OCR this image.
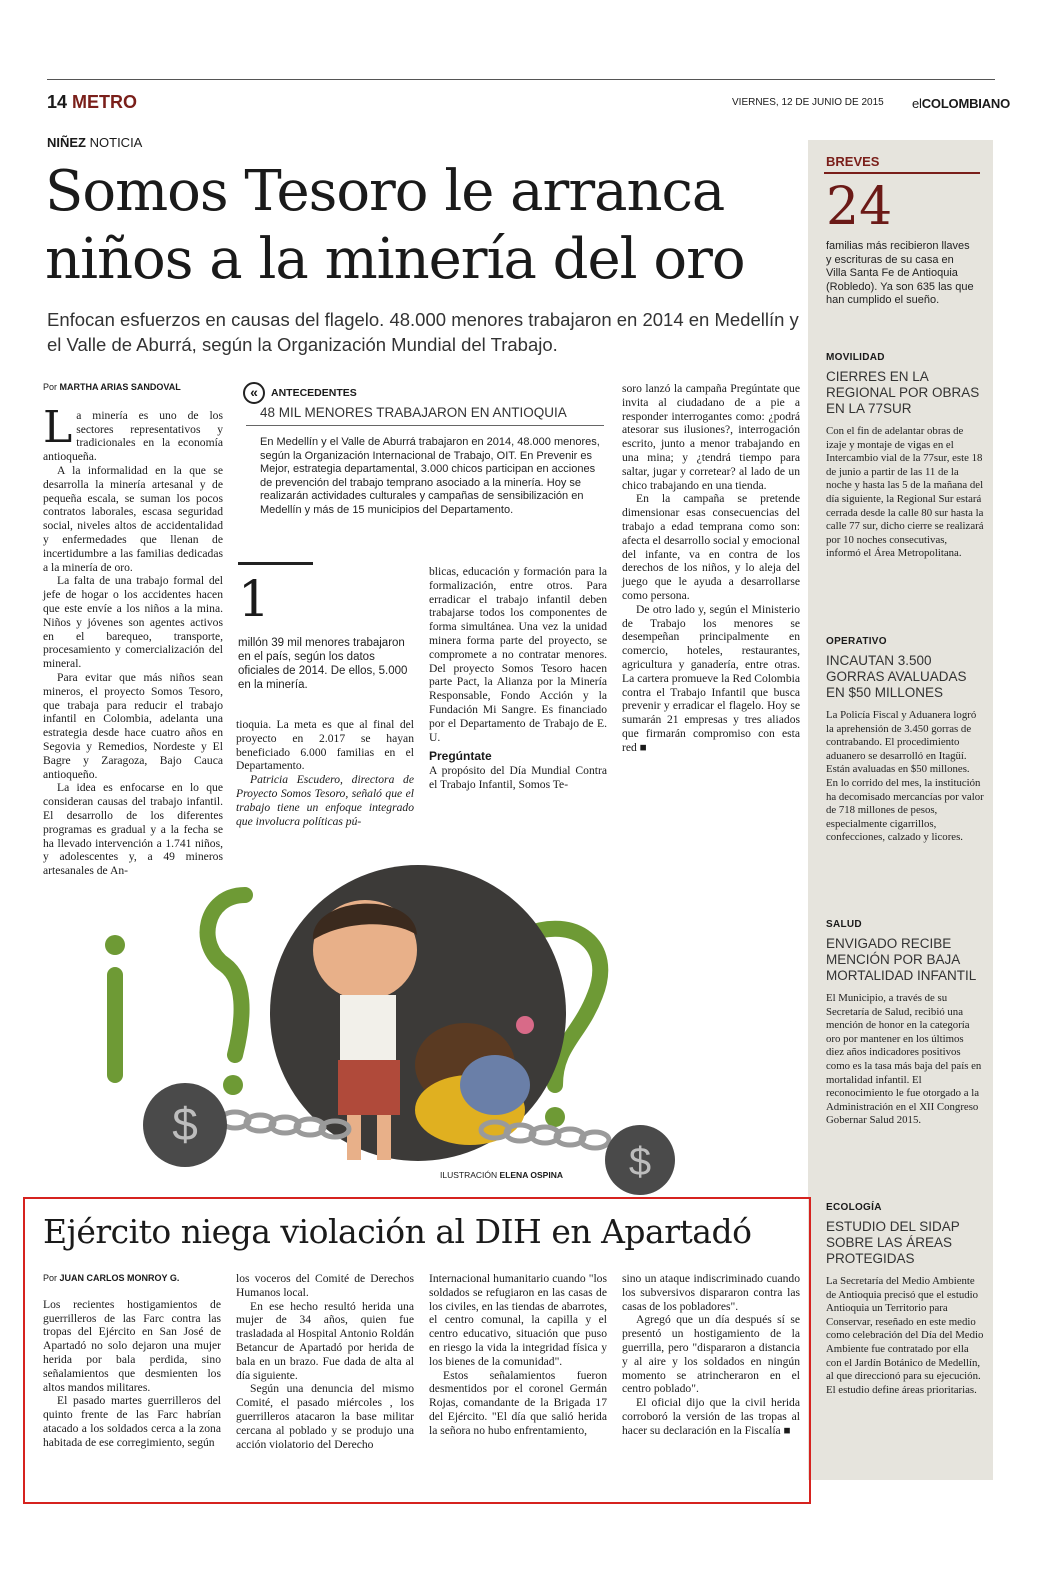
14 METRO	VIERNES, 12 DE JUNIO DE 2015 elCOLOMBIANO
NIÑEZ NOTICIA
Somos Tesoro le arranca
niños a la minería del oro
Enfocan esfuerzos en causas del flagelo. 48.000 menores trabajaron en 2014 en Medellín y el Valle de Aburrá, según la Organización Mundial del Trabajo.
Por MARTHA ARIAS SANDOVAL

La minería es uno de los sectores representativos y tradicionales en la economía antioqueña.

A la informalidad en la que se desarrolla la minería artesanal y de pequeña escala, se suman los pocos contratos laborales, escasa seguridad social, niveles altos de accidentalidad y enfermedades que llenan de incertidumbre a las familias dedicadas a la minería de oro.

La falta de una trabajo formal del jefe de hogar o los accidentes hacen que este envíe a los niños a la mina. Niños y jóvenes son agentes activos en el barequeo, transporte, procesamiento y comercialización del mineral.

Para evitar que más niños sean mineros, el proyecto Somos Tesoro, que trabaja para reducir el trabajo infantil en Colombia, adelanta una estrategia desde hace cuatro años en Segovia y Remedios, Nordeste y El Bagre y Zaragoza, Bajo Cauca antioqueño.

La idea es enfocarse en lo que consideran causas del trabajo infantil. El desarrollo de los diferentes programas es gradual y a la fecha se ha llevado intervención a 1.741 niños, y adolescentes y, a 49 mineros artesanales de An-

« ANTECEDENTES
48 MIL MENORES TRABAJARON EN ANTIOQUIA
En Medellín y el Valle de Aburrá trabajaron en 2014, 48.000 menores, según la Organización Internacional de Trabajo, OIT. En Prevenir es Mejor, estrategia departamental, 3.000 chicos participan en acciones de prevención del trabajo temprano asociado a la minería. Hoy se realizarán actividades culturales y campañas de sensibilización en Medellín y más de 15 municipios del Departamento.
1
millón 39 mil menores trabajaron en el país, según los datos oficiales de 2014. De ellos, 5.000 en la minería.

tioquia. La meta es que al final del proyecto en 2.017 se hayan beneficiado 6.000 familias en el Departamento.

Patricia Escudero, directora de Proyecto Somos Tesoro, señaló que el trabajo tiene un enfoque integrado que involucra políticas pú-

blicas, educación y formación para la formalización, entre otros. Para erradicar el trabajo infantil deben trabajarse todos los componentes de forma simultánea. Una vez la unidad minera forma parte del proyecto, se compromete a no contratar menores. Del proyecto Somos Tesoro hacen parte Pact, la Alianza por la Minería Responsable, Fondo Acción y la Fundación Mi Sangre. Es financiado por el Departamento de Trabajo de E. U.

Pregúntate

A propósito del Día Mundial Contra el Trabajo Infantil, Somos Te-

soro lanzó la campaña Pregúntate que invita al ciudadano de a pie a responder interrogantes como: ¿podrá atesorar sus ilusiones?, interrogación escrito, junto a menor trabajando en una mina; y ¿tendrá tiempo para saltar, jugar y corretear? al lado de un chico trabajando en una tienda.

En la campaña se pretende dimensionar esas consecuencias del trabajo a edad temprana como son: afecta el desarrollo social y emocional del infante, va en contra de los derechos de los niños, y lo aleja del juego que le ayuda a desarrollarse como persona.

De otro lado y, según el Ministerio de Trabajo los menores se desempeñan principalmente en comercio, hoteles, restaurantes, agricultura y ganadería, entre otras. La cartera promueve la Red Colombia contra el Trabajo Infantil que busca prevenir y erradicar el flagelo. Hoy se sumarán 21 empresas y tres aliados que firmarán compromiso con esta red ■

$
$
ILUSTRACIÓN ELENA OSPINA
BREVES
24
familias más recibieron llaves y escrituras de su casa en Villa Santa Fe de Antioquia (Robledo). Ya son 635 las que han cumplido el sueño.
MOVILIDAD
CIERRES EN LA REGIONAL POR OBRAS EN LA 77SUR
Con el fin de adelantar obras de izaje y montaje de vigas en el Intercambio vial de la 77sur, este 18 de junio a partir de las 11 de la noche y hasta las 5 de la mañana del día siguiente, la Regional Sur estará cerrada desde la calle 80 sur hasta la calle 77 sur, dicho cierre se realizará por 10 noches consecutivas, informó el Área Metropolitana.
OPERATIVO
INCAUTAN 3.500 GORRAS AVALUADAS EN $50 MILLONES
La Policía Fiscal y Aduanera logró la aprehensión de 3.450 gorras de contrabando. El procedimiento aduanero se desarrolló en Itagüí. Están avaluadas en $50 millones. En lo corrido del mes, la institución ha decomisado mercancías por valor de 718 millones de pesos, especialmente cigarrillos, confecciones, calzado y licores.
SALUD
ENVIGADO RECIBE MENCIÓN POR BAJA MORTALIDAD INFANTIL
El Municipio, a través de su Secretaría de Salud, recibió una mención de honor en la categoría oro por mantener en los últimos diez años indicadores positivos como es la tasa más baja del país en mortalidad infantil. El reconocimiento le fue otorgado a la Administración en el XII Congreso Gobernar Salud 2015.
ECOLOGÍA
ESTUDIO DEL SIDAP SOBRE LAS ÁREAS PROTEGIDAS
La Secretaría del Medio Ambiente de Antioquia precisó que el estudio Antioquia un Territorio para Conservar, reseñado en este medio como celebración del Día del Medio Ambiente fue contratado por ella con el Jardín Botánico de Medellín, al que direccionó para su ejecución. El estudio define áreas prioritarias.
Ejército niega violación al DIH en Apartadó
Por JUAN CARLOS MONROY G.

Los recientes hostigamientos de guerrilleros de las Farc contra las tropas del Ejército en San José de Apartadó no solo dejaron una mujer herida por bala perdida, sino señalamientos que desmienten los altos mandos militares.

El pasado martes guerrilleros del quinto frente de las Farc habrían atacado a los soldados cerca a la zona habitada de ese corregimiento, según

los voceros del Comité de Derechos Humanos local.

En ese hecho resultó herida una mujer de 34 años, quien fue trasladada al Hospital Antonio Roldán Betancur de Apartadó por herida de bala en un brazo. Fue dada de alta al día siguiente.

Según una denuncia del mismo Comité, el pasado miércoles , los guerrilleros atacaron la base militar cercana al poblado y se produjo una acción violatorio del Derecho

Internacional humanitario cuando "los soldados se refugiaron en las casas de los civiles, en las tiendas de abarrotes, el centro comunal, la capilla y el centro educativo, situación que puso en riesgo la vida la integridad física y los bienes de la comunidad".

Estos señalamientos fueron desmentidos por el coronel Germán Rojas, comandante de la Brigada 17 del Ejército. "El día que salió herida la señora no hubo enfrentamiento,

sino un ataque indiscriminado cuando los subversivos dispararon contra las casas de los pobladores".

Agregó que un día después sí se presentó un hostigamiento de la guerrilla, pero "dispararon a distancia y al aire y los soldados en ningún momento se atrincheraron en el centro poblado".

El oficial dijo que la civil herida corroboró la versión de las tropas al hacer su declaración en la Fiscalía ■
